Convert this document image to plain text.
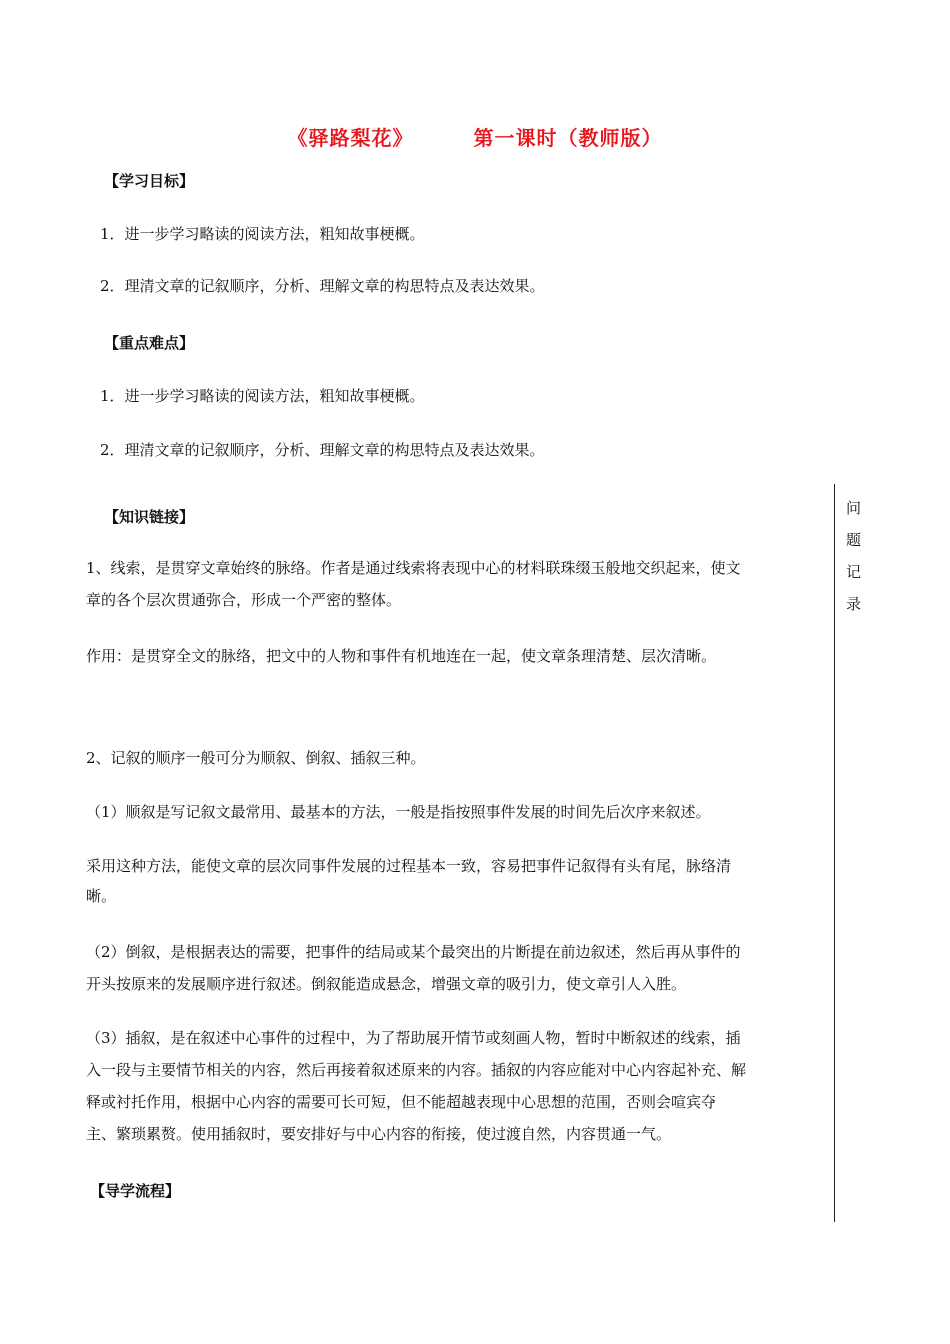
《驿路梨花》	第一课时（教师版）
【学习目标】
1．进一步学习略读的阅读方法，粗知故事梗概。
2．理清文章的记叙顺序，分析、理解文章的构思特点及表达效果。
【重点难点】
1．进一步学习略读的阅读方法，粗知故事梗概。
2．理清文章的记叙顺序，分析、理解文章的构思特点及表达效果。
【知识链接】
1、线索，是贯穿文章始终的脉络。作者是通过线索将表现中心的材料联珠缀玉般地交织起来，使文
章的各个层次贯通弥合，形成一个严密的整体。
作用：是贯穿全文的脉络，把文中的人物和事件有机地连在一起，使文章条理清楚、层次清晰。
2、记叙的顺序一般可分为顺叙、倒叙、插叙三种。
（1）顺叙是写记叙文最常用、最基本的方法，一般是指按照事件发展的时间先后次序来叙述。
采用这种方法，能使文章的层次同事件发展的过程基本一致，容易把事件记叙得有头有尾，脉络清
晰。
（2）倒叙，是根据表达的需要，把事件的结局或某个最突出的片断提在前边叙述，然后再从事件的
开头按原来的发展顺序进行叙述。倒叙能造成悬念，增强文章的吸引力，使文章引人入胜。
（3）插叙，是在叙述中心事件的过程中，为了帮助展开情节或刻画人物，暂时中断叙述的线索，插
入一段与主要情节相关的内容，然后再接着叙述原来的内容。插叙的内容应能对中心内容起补充、解
释或衬托作用，根据中心内容的需要可长可短，但不能超越表现中心思想的范围，否则会喧宾夺
主、繁琐累赘。使用插叙时，要安排好与中心内容的衔接，使过渡自然，内容贯通一气。
【导学流程】
问
题
记
录
